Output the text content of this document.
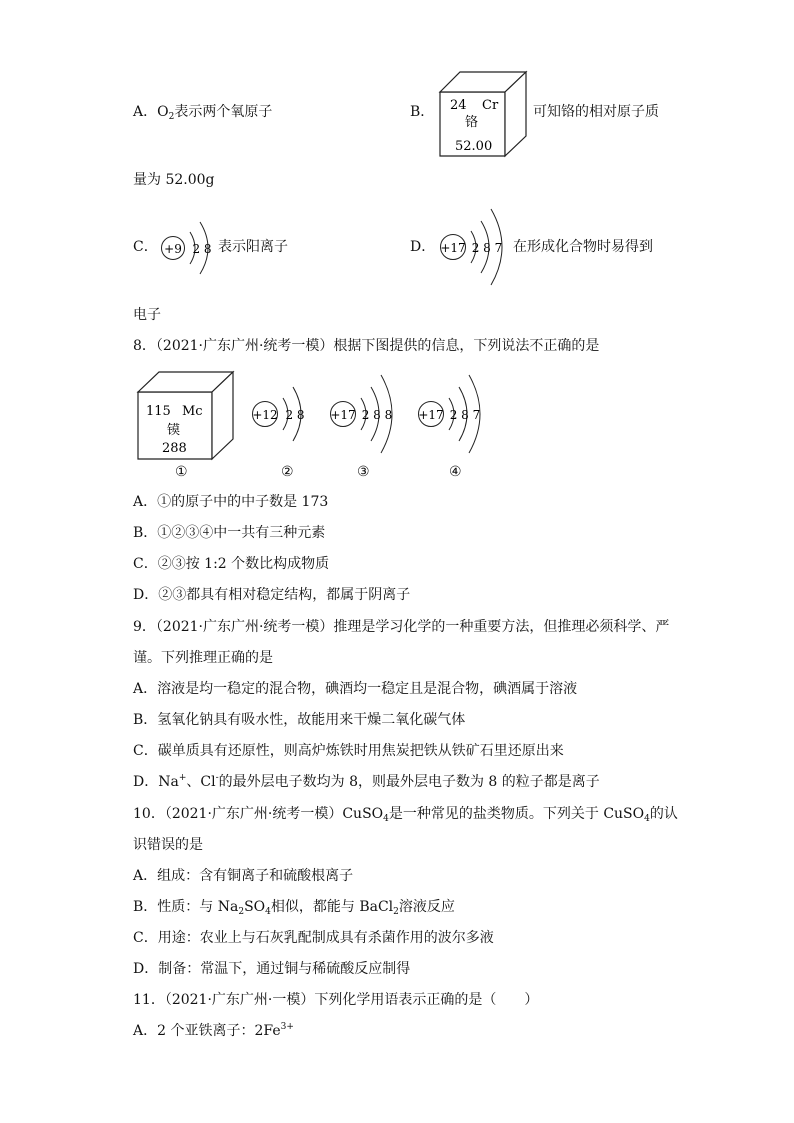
A．$O_2$表示两个氧原子	B． 24 Cr
铬
52.00
可知铬的相对原子质
量为 52.00g
C． +9 2 8 表示阳离子	D． +17 2 8 7 在形成化合物时易得到
电子
8．（2021·广东广州·统考一模）根据下图提供的信息，下列说法不正确的是
115 Mc
镆
288
+12 2 8 +17 2 8 8 +17 2 8 7
①	②	③	④
A．①的原子中的中子数是 173
B．①②③④中一共有三种元素
C．②③按 1:2 个数比构成物质
D．②③都具有相对稳定结构，都属于阴离子
9．（2021·广东广州·统考一模）推理是学习化学的一种重要方法，但推理必须科学、严
谨。下列推理正确的是
A．溶液是均一稳定的混合物，碘酒均一稳定且是混合物，碘酒属于溶液
B．氢氧化钠具有吸水性，故能用来干燥二氧化碳气体
C．碳单质具有还原性，则高炉炼铁时用焦炭把铁从铁矿石里还原出来
D．Na+、Cl-的最外层电子数均为 8，则最外层电子数为 8 的粒子都是离子
10．（2021·广东广州·统考一模）CuSO$_4$是一种常见的盐类物质。下列关于 CuSO$_4$的认
识错误的是
A．组成：含有铜离子和硫酸根离子
B．性质：与 $Na_2SO_4$相似，都能与 BaCl$_2$溶液反应
C．用途：农业上与石灰乳配制成具有杀菌作用的波尔多液
D．制备：常温下，通过铜与稀硫酸反应制得
11．（2021·广东广州·一模）下列化学用语表示正确的是（　　）
A．2 个亚铁离子：$2Fe^{3+}$
